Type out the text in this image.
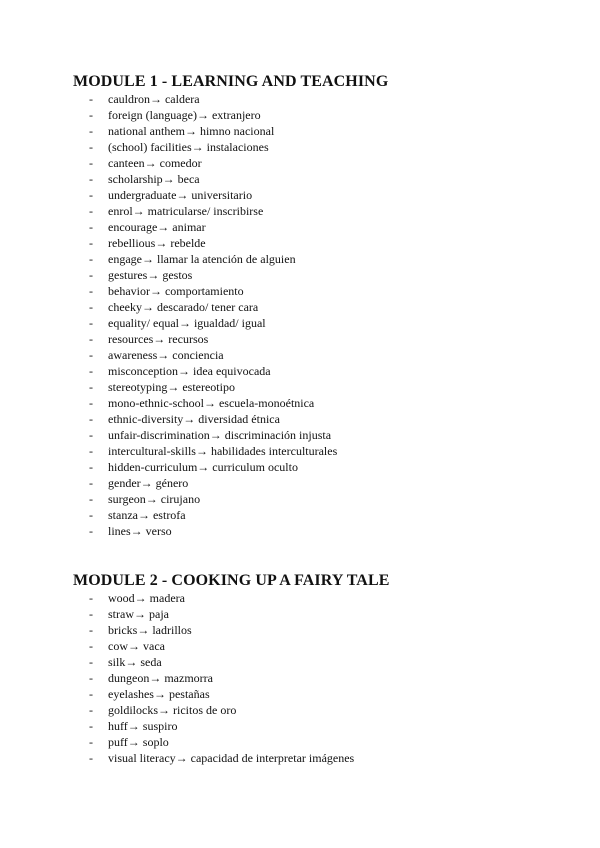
MODULE 1 - LEARNING AND TEACHING
- cauldron→ caldera
- foreign (language)→ extranjero
- national anthem→ himno nacional
- (school) facilities→ instalaciones
- canteen→ comedor
- scholarship→ beca
- undergraduate→ universitario
- enrol→ matricularse/ inscribirse
- encourage→ animar
- rebellious→ rebelde
- engage→ llamar la atención de alguien
- gestures→ gestos
- behavior→ comportamiento
- cheeky→ descarado/ tener cara
- equality/ equal→ igualdad/ igual
- resources→ recursos
- awareness→ conciencia
- misconception→ idea equivocada
- stereotyping→ estereotipo
- mono-ethnic-school→ escuela-monoétnica
- ethnic-diversity→ diversidad étnica
- unfair-discrimination→ discriminación injusta
- intercultural-skills→ habilidades interculturales
- hidden-curriculum→ curriculum oculto
- gender→ género
- surgeon→ cirujano
- stanza→ estrofa
- lines→ verso
MODULE 2 - COOKING UP A FAIRY TALE
- wood→ madera
- straw→ paja
- bricks→ ladrillos
- cow→ vaca
- silk→ seda
- dungeon→ mazmorra
- eyelashes→ pestañas
- goldilocks→ ricitos de oro
- huff→ suspiro
- puff→ soplo
- visual literacy→ capacidad de interpretar imágenes
